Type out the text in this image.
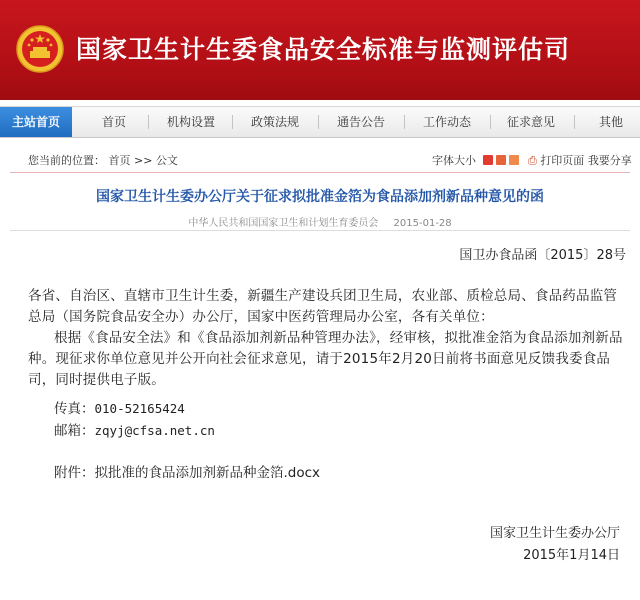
国家卫生计生委食品安全标准与监测评估司
主站首页	首页	机构设置	政策法规	通告公告	工作动态	征求意见	其他
您当前的位置： 首页 >> 公文	字体大小	⎙ 打印页面 我要分享
国家卫生计生委办公厅关于征求拟批准金箔为食品添加剂新品种意见的函
中华人民共和国国家卫生和计划生育委员会 2015-01-28
国卫办食品函〔2015〕28号
各省、自治区、直辖市卫生计生委，新疆生产建设兵团卫生局，农业部、质检总局、食品药品监管总局（国务院食品安全办）办公厅，国家中医药管理局办公室，各有关单位：
根据《食品安全法》和《食品添加剂新品种管理办法》，经审核，拟批准金箔为食品添加剂新品种。现征求你单位意见并公开向社会征求意见，请于2015年2月20日前将书面意见反馈我委食品司，同时提供电子版。
传真：010-52165424
邮箱：zqyj@cfsa.net.cn
附件：拟批准的食品添加剂新品种金箔.docx
国家卫生计生委办公厅
2015年1月14日
